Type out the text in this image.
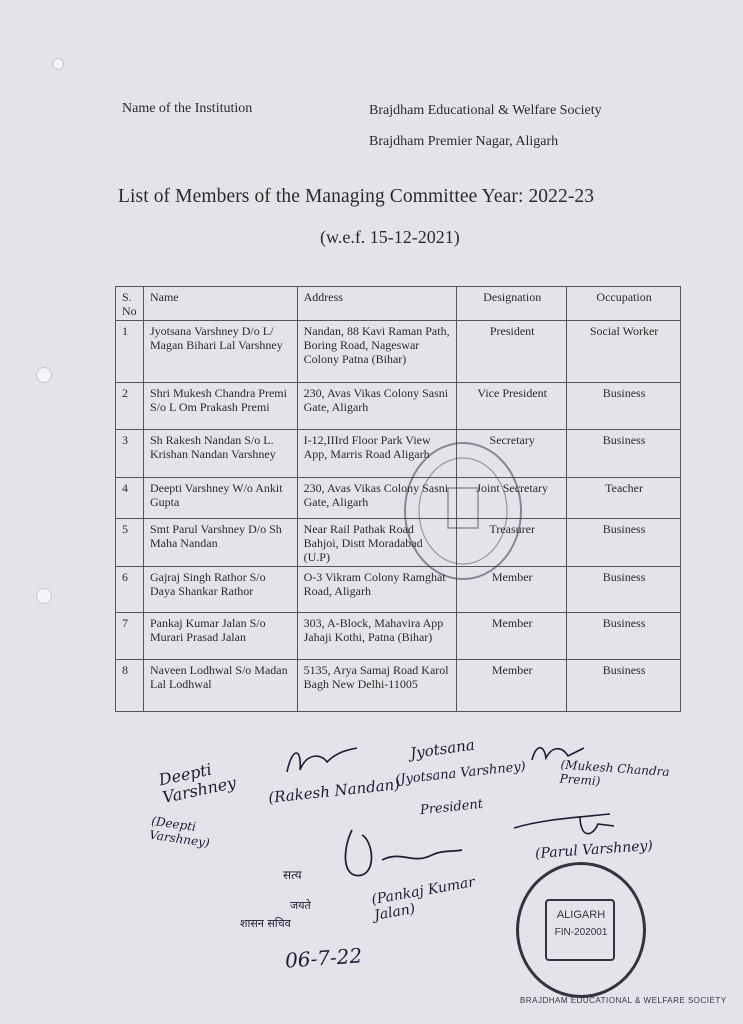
Name of the Institution	Brajdham Educational & Welfare Society
Brajdham Premier Nagar, Aligarh
List of Members of the Managing Committee Year: 2022-23
(w.e.f. 15-12-2021)
S. No	Name	Address	Designation	Occupation
1	Jyotsana Varshney D/o L/ Magan Bihari Lal Varshney	Nandan, 88 Kavi Raman Path, Boring Road, Nageswar Colony Patna (Bihar)	President	Social Worker
2	Shri Mukesh Chandra Premi S/o L Om Prakash Premi	230, Avas Vikas Colony Sasni Gate, Aligarh	Vice President	Business
3	Sh Rakesh Nandan S/o L. Krishan Nandan Varshney	I-12,IIIrd Floor Park View App, Marris Road Aligarh	Secretary	Business
4	Deepti Varshney W/o Ankit Gupta	230, Avas Vikas Colony Sasni Gate, Aligarh	Joint Secretary	Teacher
5	Smt Parul Varshney D/o Sh Maha Nandan	Near Rail Pathak Road Bahjoi, Distt Moradabad (U.P)	Treasurer	Business
6	Gajraj Singh Rathor S/o Daya Shankar Rathor	O-3 Vikram Colony Ramghat Road, Aligarh	Member	Business
7	Pankaj Kumar Jalan S/o Murari Prasad Jalan	303, A-Block, Mahavira App Jahaji Kothi, Patna (Bihar)	Member	Business
8	Naveen Lodhwal S/o Madan Lal Lodhwal	5135, Arya Samaj Road Karol Bagh New Delhi-11005	Member	Business
Deepti Varshney
(Deepti Varshney)
(Rakesh Nandan)
Jyotsana
(Jyotsana Varshney)
President
(Mukesh Chandra Premi)
(Parul Varshney)
(Pankaj Kumar Jalan)
सत्य
जयते
शासन सचिव
06-7-22
ALIGARH
FIN-202001
BRAJDHAM EDUCATIONAL & WELFARE SOCIETY
